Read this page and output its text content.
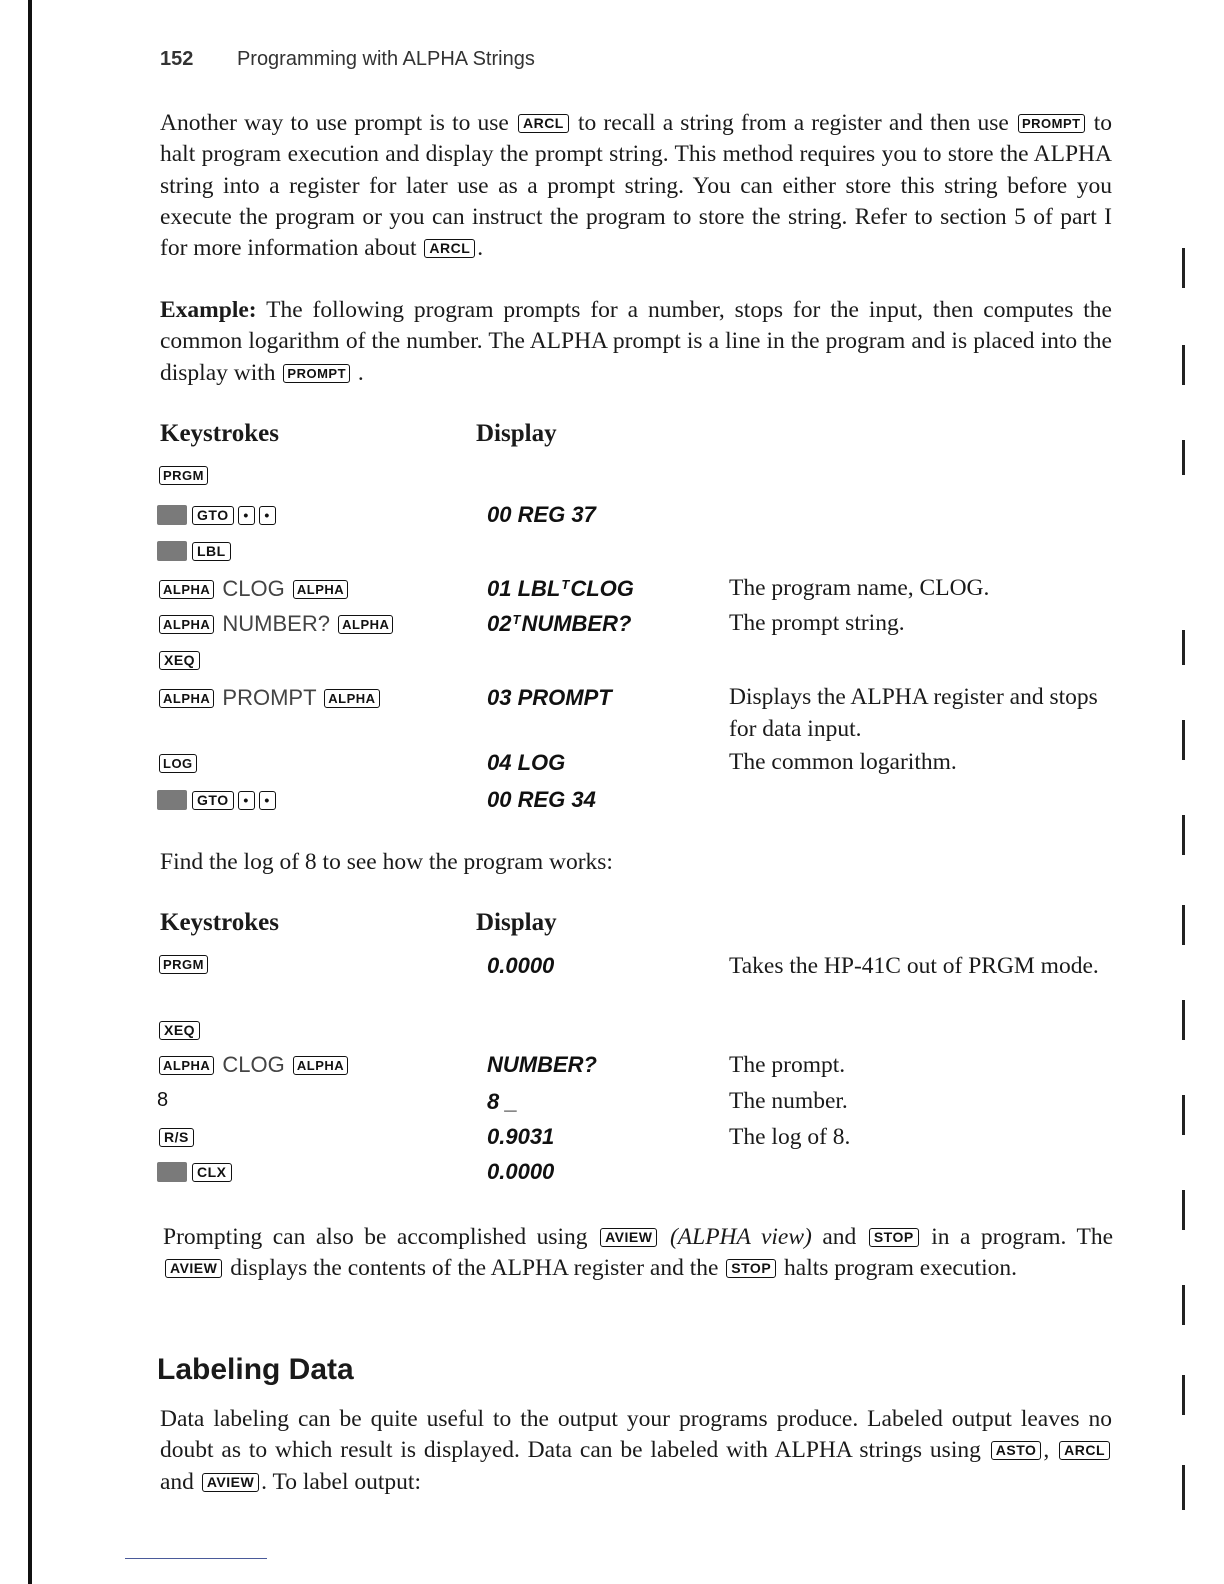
152 Programming with ALPHA Strings
Another way to use prompt is to use ARCL to recall a string from a register and then use PROMPT to halt program execution and display the prompt string. This method requires you to store the ALPHA string into a register for later use as a prompt string. You can either store this string before you execute the program or you can instruct the program to store the string. Refer to section 5 of part I for more information about ARCL .
Example: The following program prompts for a number, stops for the input, then computes the common logarithm of the number. The ALPHA prompt is a line in the program and is placed into the display with PROMPT .
Keystrokes	Display
PRGM
GTO • •	00 REG 37
LBL
ALPHA CLOG ALPHA	01 $LBL^TCLOG$	The program name, CLOG.
ALPHA NUMBER? ALPHA	$02^TNUMBER$?	The prompt string.
XEQ
ALPHA PROMPT ALPHA	03 PROMPT	Displays the ALPHA register and stops for data input.
LOG	04 LOG	The common logarithm.
GTO • •	00 REG 34
Find the log of 8 to see how the program works:
Keystrokes	Display
PRGM	0.0000	Takes the HP-41C out of PRGM mode.
XEQ
ALPHA CLOG ALPHA	NUMBER?	The prompt.
8	8 _	The number.
R/S	0.9031	The log of 8.
CLX	0.0000
Prompting can also be accomplished using AVIEW (ALPHA view) and STOP in a program. The AVIEW displays the contents of the ALPHA register and the STOP halts program execution.
Labeling Data
Data labeling can be quite useful to the output your programs produce. Labeled output leaves no doubt as to which result is displayed. Data can be labeled with ALPHA strings using ASTO , ARCL and AVIEW . To label output:
